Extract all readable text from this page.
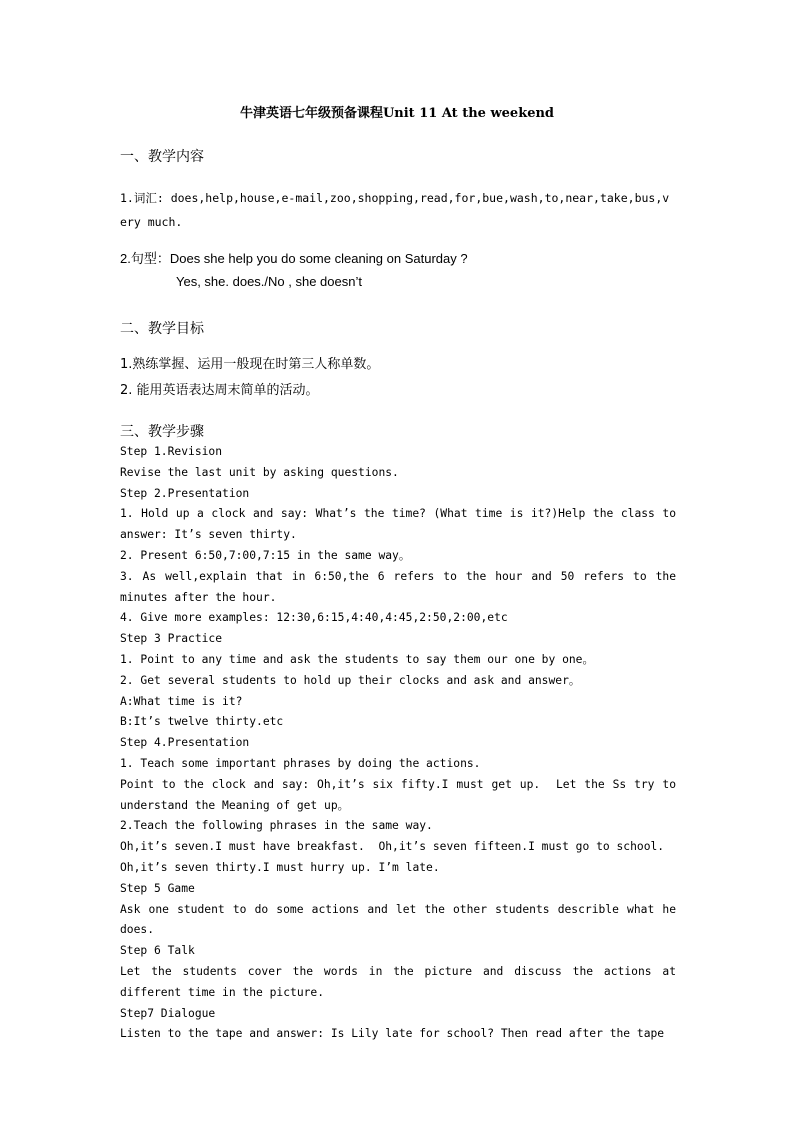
牛津英语七年级预备课程Unit 11 At the weekend
一、教学内容
1.词汇: does,help,house,e-mail,zoo,shopping,read,for,bue,wash,to,near,take,bus,very much.
2.句型：Does she help you do some cleaning on Saturday ?
Yes, she. does./No , she doesn’t
二、教学目标
1.熟练掌握、运用一般现在时第三人称单数。
2. 能用英语表达周末简单的活动。
三、教学步骤
Step 1.Revision
Revise the last unit by asking questions.
Step 2.Presentation
1. Hold up a clock and say: What’s the time? (What time is it?)Help the class to answer: It’s seven thirty.
2. Present 6:50,7:00,7:15 in the same way。
3. As well,explain that in 6:50,the 6 refers to the hour and 50 refers to the minutes after the hour.
4. Give more examples: 12:30,6:15,4:40,4:45,2:50,2:00,etc
Step 3 Practice
1. Point to any time and ask the students to say them our one by one。
2. Get several students to hold up their clocks and ask and answer。
A:What time is it?
B:It’s twelve thirty.etc
Step 4.Presentation
1. Teach some important phrases by doing the actions.
Point to the clock and say: Oh,it’s six fifty.I must get up.  Let the Ss try to understand the Meaning of get up。
2.Teach the following phrases in the same way.
Oh,it’s seven.I must have breakfast.  Oh,it’s seven fifteen.I must go to school.
Oh,it’s seven thirty.I must hurry up. I’m late.
Step 5 Game
Ask one student to do some actions and let the other students describle what he does.
Step 6 Talk
Let the students cover the words in the picture and discuss the actions at different time in the picture.
Step7 Dialogue
Listen to the tape and answer: Is Lily late for school? Then read after the tape
